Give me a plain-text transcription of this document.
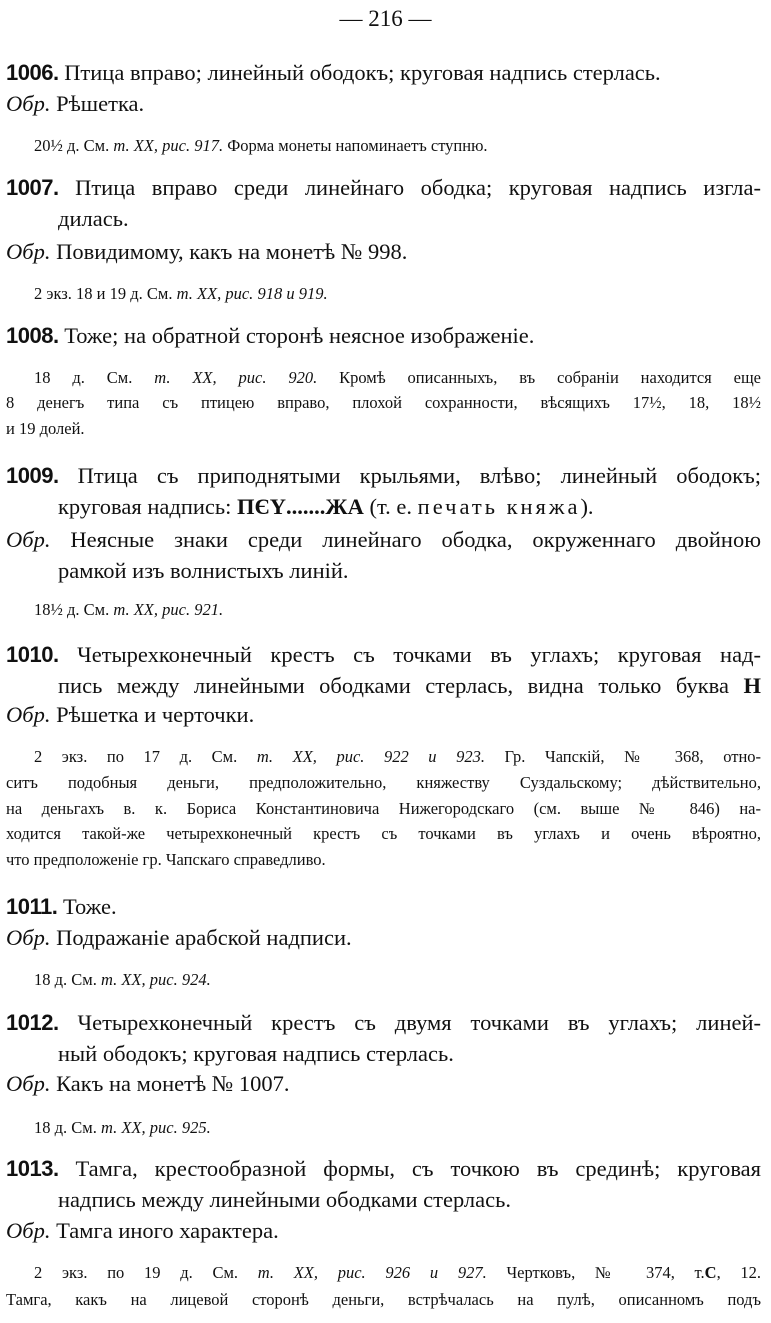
— 216 —
1006. Птица вправо; линейный ободокъ; круговая надпись стерлась.
Обр. Рѣшетка.
20½ д. См. т. XX, рис. 917. Форма монеты напоминаетъ ступню.
1007. Птица вправо среди линейнаго ободка; круговая надпись изгла-
дилась.
Обр. Повидимому, какъ на монетѣ № 998.
2 экз. 18 и 19 д. См. т. XX, рис. 918 и 919.
1008. Тоже; на обратной сторонѣ неясное изображеніе.
18 д. См. т. XX, рис. 920. Кромѣ описанныхъ, въ собраніи находится еще
8 денегъ типа съ птицею вправо, плохой сохранности, вѣсящихъ 17½, 18, 18½
и 19 долей.
1009. Птица съ приподнятыми крыльями, влѣво; линейный ободокъ;
круговая надпись: ПЄҮ.......ЖА (т. е. печать княжа).
Обр. Неясные знаки среди линейнаго ободка, окруженнаго двойною
рамкой изъ волнистыхъ линій.
18½ д. См. т. XX, рис. 921.
1010. Четырехконечный крестъ съ точками въ углахъ; круговая над-
пись между линейными ободками стерлась, видна только буква Н
Обр. Рѣшетка и черточки.
2 экз. по 17 д. См. т. XX, рис. 922 и 923. Гр. Чапскій, № 368, отно-
ситъ подобныя деньги, предположительно, княжеству Суздальскому; дѣйствительно,
на деньгахъ в. к. Бориса Константиновича Нижегородскаго (см. выше № 846) на-
ходится такой-же четырехконечный крестъ съ точками въ углахъ и очень вѣроятно,
что предположеніе гр. Чапскаго справедливо.
1011. Тоже.
Обр. Подражаніе арабской надписи.
18 д. См. т. XX, рис. 924.
1012. Четырехконечный крестъ съ двумя точками въ углахъ; линей-
ный ободокъ; круговая надпись стерлась.
Обр. Какъ на монетѣ № 1007.
18 д. См. т. XX, рис. 925.
1013. Тамга, крестообразной формы, съ точкою въ срединѣ; круговая
надпись между линейными ободками стерлась.
Обр. Тамга иного характера.
2 экз. по 19 д. См. т. XX, рис. 926 и 927. Чертковъ, № 374, т.С, 12.
Тамга, какъ на лицевой сторонѣ деньги, встрѣчалась на пулѣ, описанномъ подъ
